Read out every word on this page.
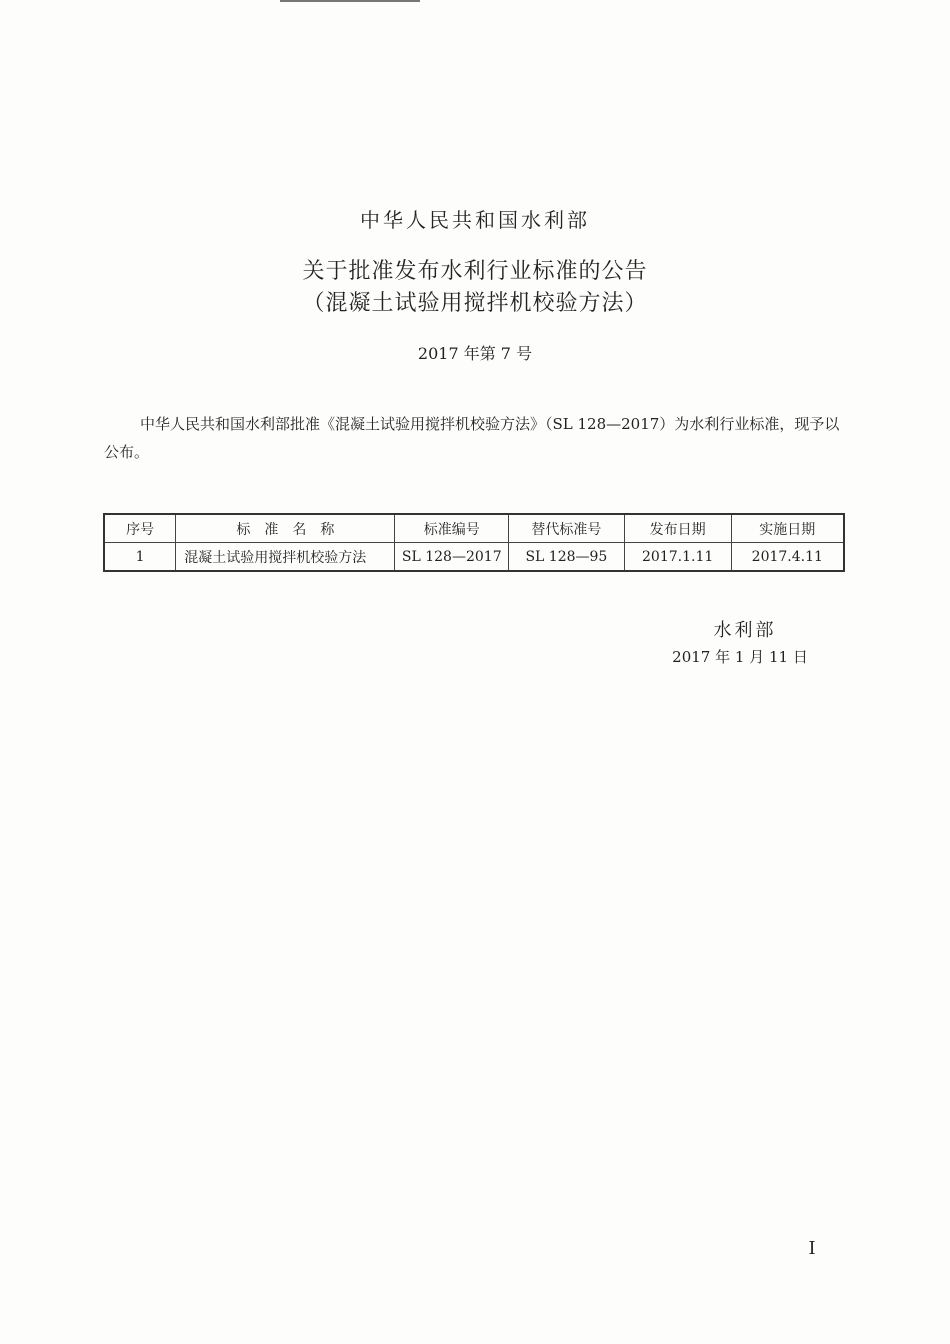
中华人民共和国水利部
关于批准发布水利行业标准的公告
（混凝土试验用搅拌机校验方法）
2017 年第 7 号
中华人民共和国水利部批准《混凝土试验用搅拌机校验方法》（SL 128—2017）为水利行业标准，现予以公布。
序号	标　准　名　称	标准编号	替代标准号	发布日期	实施日期
1	混凝土试验用搅拌机校验方法	SL 128—2017	SL 128—95	2017.1.11	2017.4.11
水利部
2017 年 1 月 11 日
I
